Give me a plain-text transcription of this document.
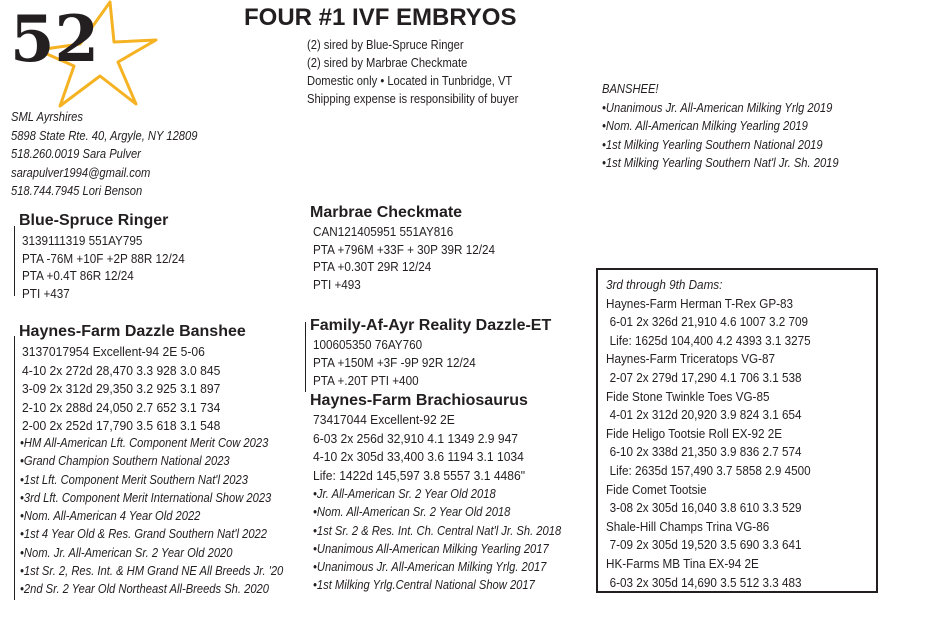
52	FOUR #1 IVF EMBRYOS
(2) sired by Blue-Spruce Ringer
(2) sired by Marbrae Checkmate
Domestic only • Located in Tunbridge, VT
Shipping expense is responsibility of buyer
SML Ayrshires
5898 State Rte. 40, Argyle, NY 12809
518.260.0019 Sara Pulver
sarapulver1994@gmail.com
518.744.7945 Lori Benson
BANSHEE!
•Unanimous Jr. All-American Milking Yrlg 2019
•Nom. All-American Milking Yearling 2019
•1st Milking Yearling Southern National 2019
•1st Milking Yearling Southern Nat'l Jr. Sh. 2019
Blue-Spruce Ringer
3139111319 551AY795
PTA -76M +10F +2P 88R 12/24
PTA +0.4T 86R 12/24
PTI +437
Marbrae Checkmate
CAN121405951 551AY816
PTA +796M +33F + 30P 39R 12/24
PTA +0.30T 29R 12/24
PTI +493
Haynes-Farm Dazzle Banshee
3137017954 Excellent-94 2E 5-06
4-10 2x 272d 28,470 3.3 928 3.0 845
3-09 2x 312d 29,350 3.2 925 3.1 897
2-10 2x 288d 24,050 2.7 652 3.1 734
2-00 2x 252d 17,790 3.5 618 3.1 548
•HM All-American Lft. Component Merit Cow 2023
•Grand Champion Southern National 2023
•1st Lft. Component Merit Southern Nat'l 2023
•3rd Lft. Component Merit International Show 2023
•Nom. All-American 4 Year Old 2022
•1st 4 Year Old & Res. Grand Southern Nat'l 2022
•Nom. Jr. All-American Sr. 2 Year Old 2020
•1st Sr. 2, Res. Int. & HM Grand NE All Breeds Jr. '20
•2nd Sr. 2 Year Old Northeast All-Breeds Sh. 2020
Family-Af-Ayr Reality Dazzle-ET
100605350 76AY760
PTA +150M +3F -9P 92R 12/24
PTA +.20T PTI +400
Haynes-Farm Brachiosaurus
73417044 Excellent-92 2E
6-03 2x 256d 32,910 4.1 1349 2.9 947
4-10 2x 305d 33,400 3.6 1194 3.1 1034
Life: 1422d 145,597 3.8 5557 3.1 4486"
•Jr. All-American Sr. 2 Year Old 2018
•Nom. All-American Sr. 2 Year Old 2018
•1st Sr. 2 & Res. Int. Ch. Central Nat'l Jr. Sh. 2018
•Unanimous All-American Milking Yearling 2017
•Unanimous Jr. All-American Milking Yrlg. 2017
•1st Milking Yrlg.Central National Show 2017
3rd through 9th Dams:
Haynes-Farm Herman T-Rex GP-83
6-01 2x 326d 21,910 4.6 1007 3.2 709
Life: 1625d 104,400 4.2 4393 3.1 3275
Haynes-Farm Triceratops VG-87
2-07 2x 279d 17,290 4.1 706 3.1 538
Fide Stone Twinkle Toes VG-85
4-01 2x 312d 20,920 3.9 824 3.1 654
Fide Heligo Tootsie Roll EX-92 2E
6-10 2x 338d 21,350 3.9 836 2.7 574
Life: 2635d 157,490 3.7 5858 2.9 4500
Fide Comet Tootsie
3-08 2x 305d 16,040 3.8 610 3.3 529
Shale-Hill Champs Trina VG-86
7-09 2x 305d 19,520 3.5 690 3.3 641
HK-Farms MB Tina EX-94 2E
6-03 2x 305d 14,690 3.5 512 3.3 483
